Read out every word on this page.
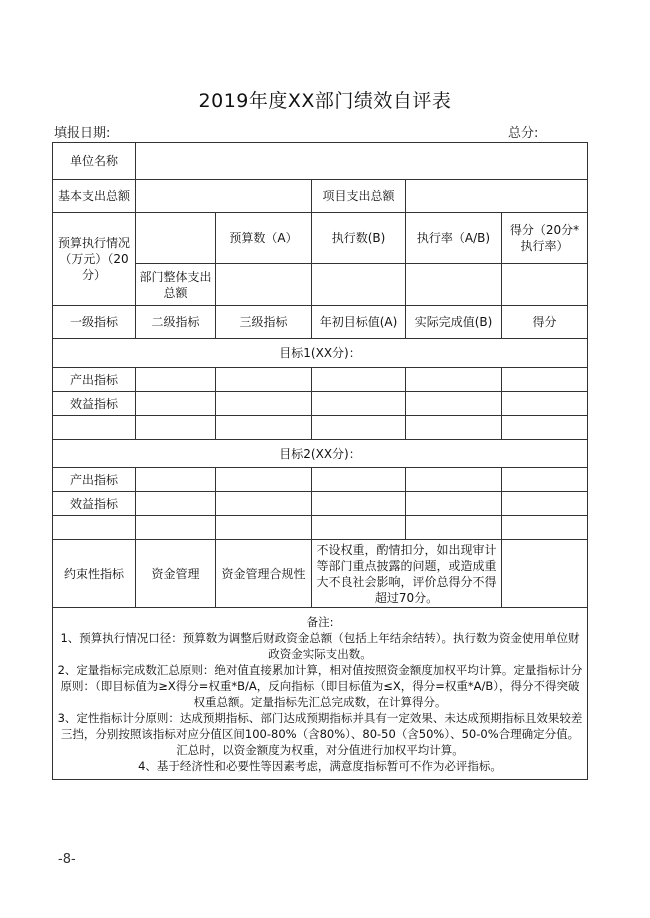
2019年度XX部门绩效自评表
填报日期:	总分:
单位名称					
基本支出总额			项目支出总额		
预算执行情况（万元）（20分）		预算数（A）	执行数(B)	执行率（A/B)	得分（20分*执行率）
	部门整体支出总额				
一级指标	二级指标	三级指标	年初目标值(A)	实际完成值(B)	得分
目标1(XX分)：					
产出指标					
效益指标					

目标2(XX分)：					
产出指标					
效益指标					

约束性指标	资金管理	资金管理合规性	不设权重，酌情扣分，如出现审计等部门重点披露的问题，或造成重大不良社会影响，评价总得分不得超过70分。		

备注:

1、预算执行情况口径：预算数为调整后财政资金总额（包括上年结余结转）。执行数为资金使用单位财政资金实际支出数。

2、定量指标完成数汇总原则：绝对值直接累加计算，相对值按照资金额度加权平均计算。定量指标计分原则：（即目标值为≥X得分=权重*B/A，反向指标（即目标值为≤X，得分=权重*A/B），得分不得突破权重总额。定量指标先汇总完成数，在计算得分。

3、定性指标计分原则：达成预期指标、部门达成预期指标并具有一定效果、未达成预期指标且效果较差三挡，分别按照该指标对应分值区间100-80%（含80%）、80-50（含50%）、50-0%合理确定分值。汇总时，以资金额度为权重，对分值进行加权平均计算。

4、基于经济性和必要性等因素考虑，满意度指标暂可不作为必评指标。					

-8-
